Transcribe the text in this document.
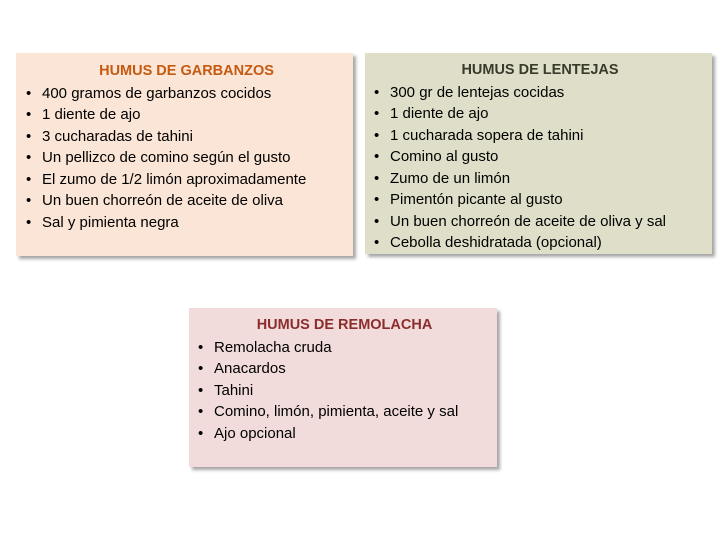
HUMUS DE GARBANZOS
• 400 gramos de garbanzos cocidos
• 1 diente de ajo
• 3 cucharadas de tahini
• Un pellizco de comino según el gusto
• El zumo de 1/2 limón aproximadamente
• Un buen chorreón de aceite de oliva
• Sal y pimienta negra
HUMUS DE LENTEJAS
• 300 gr de lentejas cocidas
• 1 diente de ajo
• 1 cucharada sopera de tahini
• Comino al gusto
• Zumo de un limón
• Pimentón picante al gusto
• Un buen chorreón de aceite de oliva y sal
• Cebolla deshidratada (opcional)
HUMUS DE REMOLACHA
• Remolacha cruda
• Anacardos
• Tahini
• Comino, limón, pimienta, aceite y sal
• Ajo opcional
